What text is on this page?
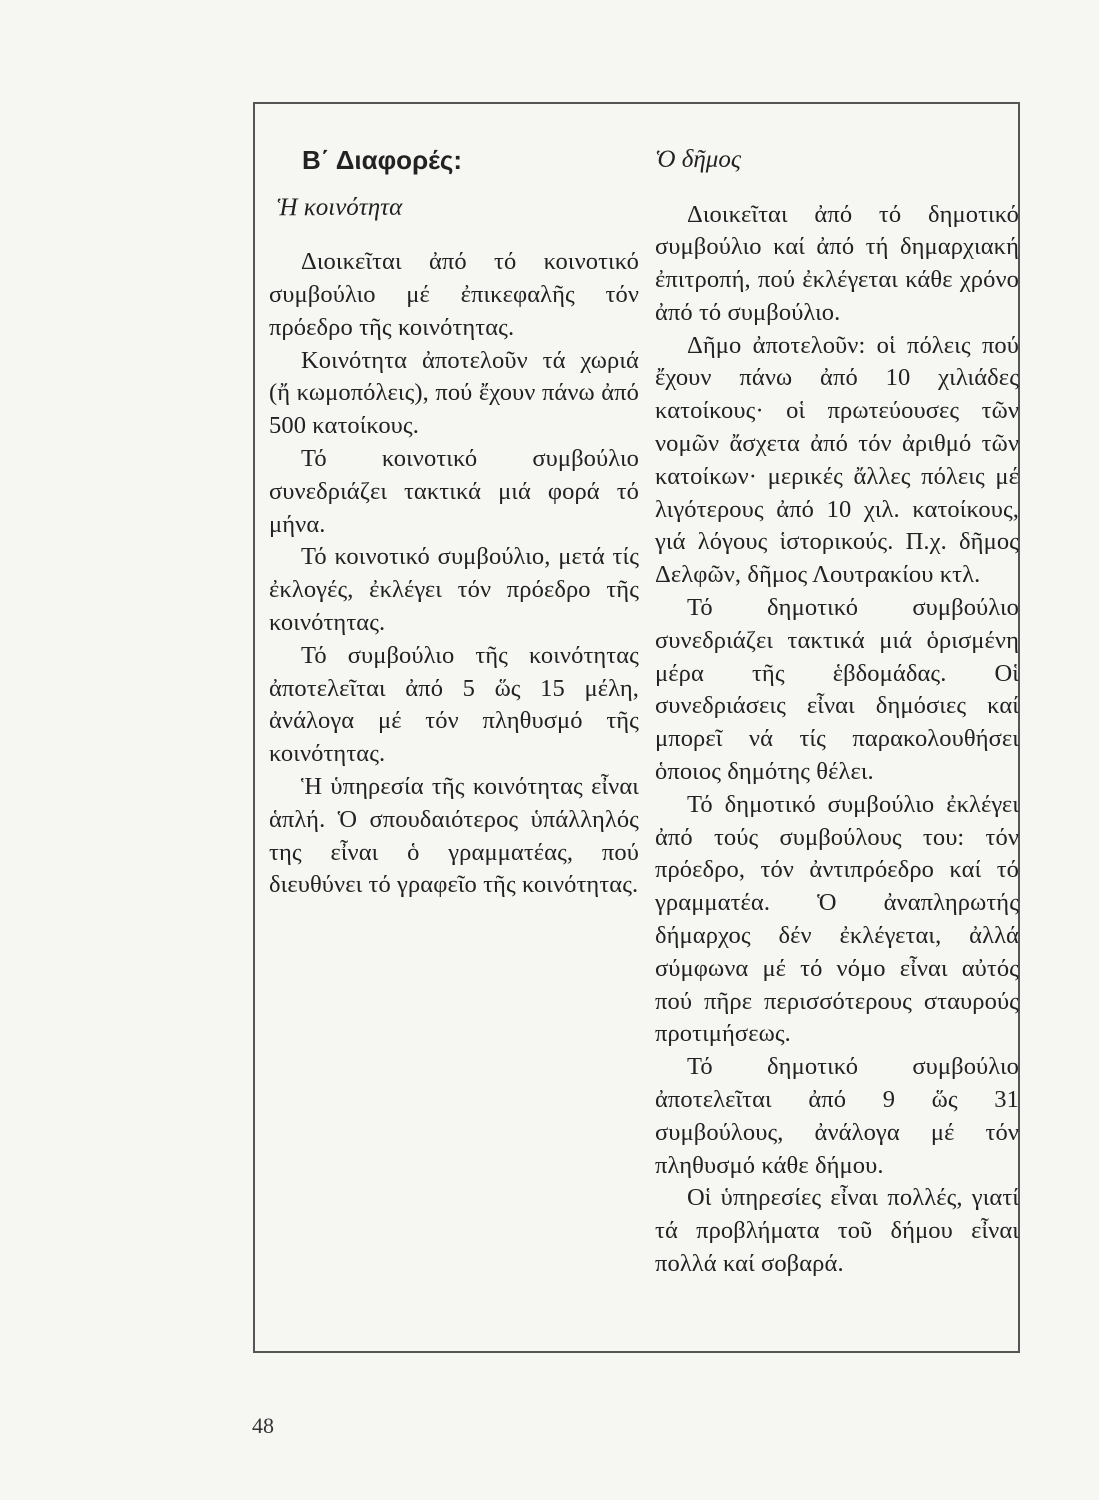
Β΄ Διαφορές:
Ἡ κοινότητα

Διοικεῖται ἀπό τό κοινοτικό συμβούλιο μέ ἐπικεφαλῆς τόν πρόεδρο τῆς κοινότητας.

Κοινότητα ἀποτελοῦν τά χωριά (ἤ κωμοπόλεις), πού ἔχουν πάνω ἀπό 500 κατοίκους.

Τό κοινοτικό συμβούλιο συνεδριάζει τακτικά μιά φορά τό μήνα.

Τό κοινοτικό συμβούλιο, μετά τίς ἐκλογές, ἐκλέγει τόν πρόεδρο τῆς κοινότητας.

Τό συμβούλιο τῆς κοινότητας ἀποτελεῖται ἀπό 5 ὥς 15 μέλη, ἀνάλογα μέ τόν πληθυσμό τῆς κοινότητας.

Ἡ ὑπηρεσία τῆς κοινότητας εἶναι ἁπλή. Ὁ σπουδαιότερος ὑπάλληλός της εἶναι ὁ γραμματέας, πού διευθύνει τό γραφεῖο τῆς κοινότητας.

Ὁ δῆμος

Διοικεῖται ἀπό τό δημοτικό συμβούλιο καί ἀπό τή δημαρχιακή ἐπιτροπή, πού ἐκλέγεται κάθε χρόνο ἀπό τό συμβούλιο.

Δῆμο ἀποτελοῦν: οἱ πόλεις πού ἔχουν πάνω ἀπό 10 χιλιάδες κατοίκους· οἱ πρωτεύουσες τῶν νομῶν ἄσχετα ἀπό τόν ἀριθμό τῶν κατοίκων· μερικές ἄλλες πόλεις μέ λιγότερους ἀπό 10 χιλ. κατοίκους, γιά λόγους ἱστορικούς. Π.χ. δῆμος Δελφῶν, δῆμος Λουτρακίου κτλ.

Τό δημοτικό συμβούλιο συνεδριάζει τακτικά μιά ὁρισμένη μέρα τῆς ἑβδομάδας. Οἱ συνεδριάσεις εἶναι δημόσιες καί μπορεῖ νά τίς παρακολουθήσει ὁποιος δημότης θέλει.

Τό δημοτικό συμβούλιο ἐκλέγει ἀπό τούς συμβούλους του: τόν πρόεδρο, τόν ἀντιπρόεδρο καί τό γραμματέα. Ὁ ἀναπληρωτής δήμαρχος δέν ἐκλέγεται, ἀλλά σύμφωνα μέ τό νόμο εἶναι αὐτός πού πῆρε περισσότερους σταυρούς προτιμήσεως.

Τό δημοτικό συμβούλιο ἀποτελεῖται ἀπό 9 ὥς 31 συμβούλους, ἀνάλογα μέ τόν πληθυσμό κάθε δήμου.

Οἱ ὑπηρεσίες εἶναι πολλές, γιατί τά προβλήματα τοῦ δήμου εἶναι πολλά καί σοβαρά.

48
